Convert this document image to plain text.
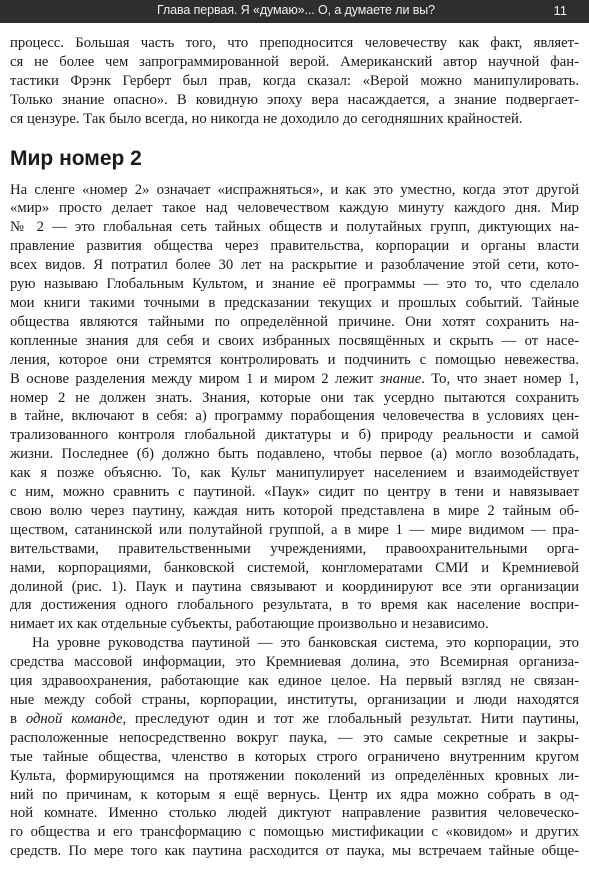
Глава первая. Я «думаю»... О, а думаете ли вы?	11
процесс. Большая часть того, что преподносится человечеству как факт, являет-
ся не более чем запрограммированной верой. Американский автор научной фан-
тастики Фрэнк Герберт был прав, когда сказал: «Верой можно манипулировать.
Только знание опасно». В ковидную эпоху вера насаждается, а знание подвергает-
ся цензуре. Так было всегда, но никогда не доходило до сегодняшних крайностей.
Мир номер 2
На сленге «номер 2» означает «испражняться», и как это уместно, когда этот другой
«мир» просто делает такое над человечеством каждую минуту каждого дня. Мир
№ 2 — это глобальная сеть тайных обществ и полутайных групп, диктующих на-
правление развития общества через правительства, корпорации и органы власти
всех видов. Я потратил более 30 лет на раскрытие и разоблачение этой сети, кото-
рую называю Глобальным Культом, и знание её программы — это то, что сделало
мои книги такими точными в предсказании текущих и прошлых событий. Тайные
общества являются тайными по определённой причине. Они хотят сохранить на-
копленные знания для себя и своих избранных посвящённых и скрыть — от насе-
ления, которое они стремятся контролировать и подчинить с помощью невежества.
В основе разделения между миром 1 и миром 2 лежит знание. То, что знает номер 1,
номер 2 не должен знать. Знания, которые они так усердно пытаются сохранить
в тайне, включают в себя: а) программу порабощения человечества в условиях цен-
трализованного контроля глобальной диктатуры и б) природу реальности и самой
жизни. Последнее (б) должно быть подавлено, чтобы первое (а) могло возобладать,
как я позже объясню. То, как Культ манипулирует населением и взаимодействует
с ним, можно сравнить с паутиной. «Паук» сидит по центру в тени и навязывает
свою волю через паутину, каждая нить которой представлена в мире 2 тайным об-
ществом, сатанинской или полутайной группой, а в мире 1 — мире видимом — пра-
вительствами, правительственными учреждениями, правоохранительными орга-
нами, корпорациями, банковской системой, конгломератами СМИ и Кремниевой
долиной (рис. 1). Паук и паутина связывают и координируют все эти организации
для достижения одного глобального результата, в то время как население воспри-
нимает их как отдельные субъекты, работающие произвольно и независимо.
На уровне руководства паутиной — это банковская система, это корпорации, это
средства массовой информации, это Кремниевая долина, это Всемирная организа-
ция здравоохранения, работающие как единое целое. На первый взгляд не связан-
ные между собой страны, корпорации, институты, организации и люди находятся
в одной команде, преследуют один и тот же глобальный результат. Нити паутины,
расположенные непосредственно вокруг паука, — это самые секретные и закры-
тые тайные общества, членство в которых строго ограничено внутренним кругом
Культа, формирующимся на протяжении поколений из определённых кровных ли-
ний по причинам, к которым я ещё вернусь. Центр их ядра можно собрать в од-
ной комнате. Именно столько людей диктуют направление развития человеческо-
го общества и его трансформацию с помощью мистификации с «ковидом» и других
средств. По мере того как паутина расходится от паука, мы встречаем тайные обще-
